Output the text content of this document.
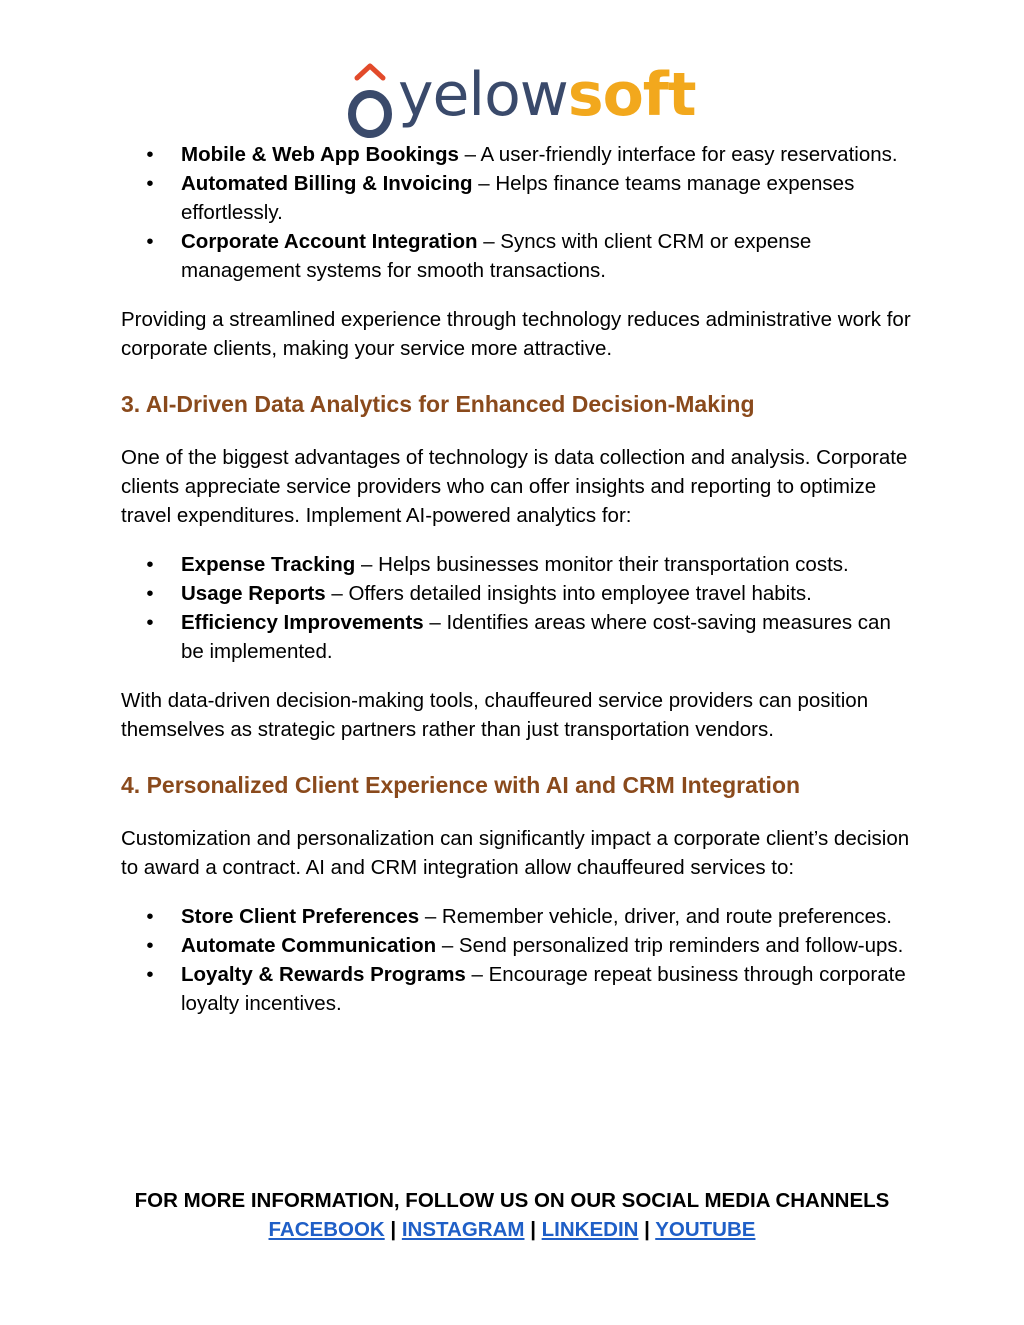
yelowsoft
• Mobile & Web App Bookings – A user-friendly interface for easy reservations.
• Automated Billing & Invoicing – Helps finance teams manage expenses effortlessly.
• Corporate Account Integration – Syncs with client CRM or expense management systems for smooth transactions.

Providing a streamlined experience through technology reduces administrative work for corporate clients, making your service more attractive.

3. AI-Driven Data Analytics for Enhanced Decision-Making

One of the biggest advantages of technology is data collection and analysis. Corporate clients appreciate service providers who can offer insights and reporting to optimize travel expenditures. Implement AI-powered analytics for:

• Expense Tracking – Helps businesses monitor their transportation costs.
• Usage Reports – Offers detailed insights into employee travel habits.
• Efficiency Improvements – Identifies areas where cost-saving measures can be implemented.

With data-driven decision-making tools, chauffeured service providers can position themselves as strategic partners rather than just transportation vendors.

4. Personalized Client Experience with AI and CRM Integration

Customization and personalization can significantly impact a corporate client’s decision to award a contract. AI and CRM integration allow chauffeured services to:

• Store Client Preferences – Remember vehicle, driver, and route preferences.
• Automate Communication – Send personalized trip reminders and follow-ups.
• Loyalty & Rewards Programs – Encourage repeat business through corporate loyalty incentives.
FOR MORE INFORMATION, FOLLOW US ON OUR SOCIAL MEDIA CHANNELS
FACEBOOK | INSTAGRAM | LINKEDIN | YOUTUBE
